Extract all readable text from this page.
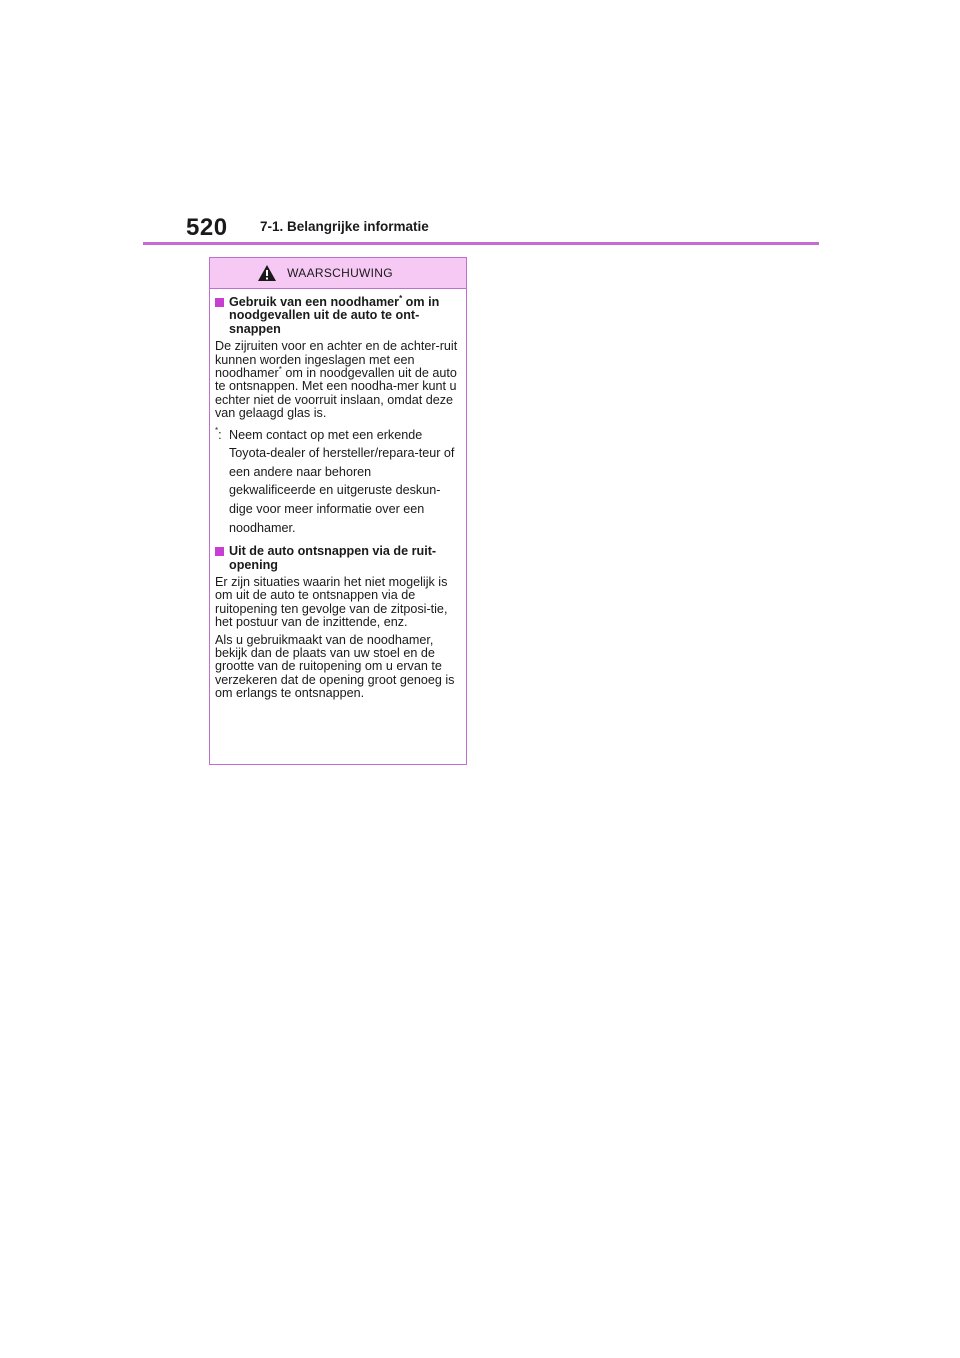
520 7-1. Belangrijke informatie
WAARSCHUWING
Gebruik van een noodhamer* om in noodgevallen uit de auto te ont-snappen

De zijruiten voor en achter en de achter-ruit kunnen worden ingeslagen met een noodhamer* om in noodgevallen uit de auto te ontsnappen. Met een noodha-mer kunt u echter niet de voorruit inslaan, omdat deze van gelaagd glas is.

*: Neem contact op met een erkende Toyota-dealer of hersteller/repara-teur of een andere naar behoren gekwalificeerde en uitgeruste deskun-dige voor meer informatie over een noodhamer.
Uit de auto ontsnappen via de ruit-opening

Er zijn situaties waarin het niet mogelijk is om uit de auto te ontsnappen via de ruitopening ten gevolge van de zitposi-tie, het postuur van de inzittende, enz.

Als u gebruikmaakt van de noodhamer, bekijk dan de plaats van uw stoel en de grootte van de ruitopening om u ervan te verzekeren dat de opening groot genoeg is om erlangs te ontsnappen.
